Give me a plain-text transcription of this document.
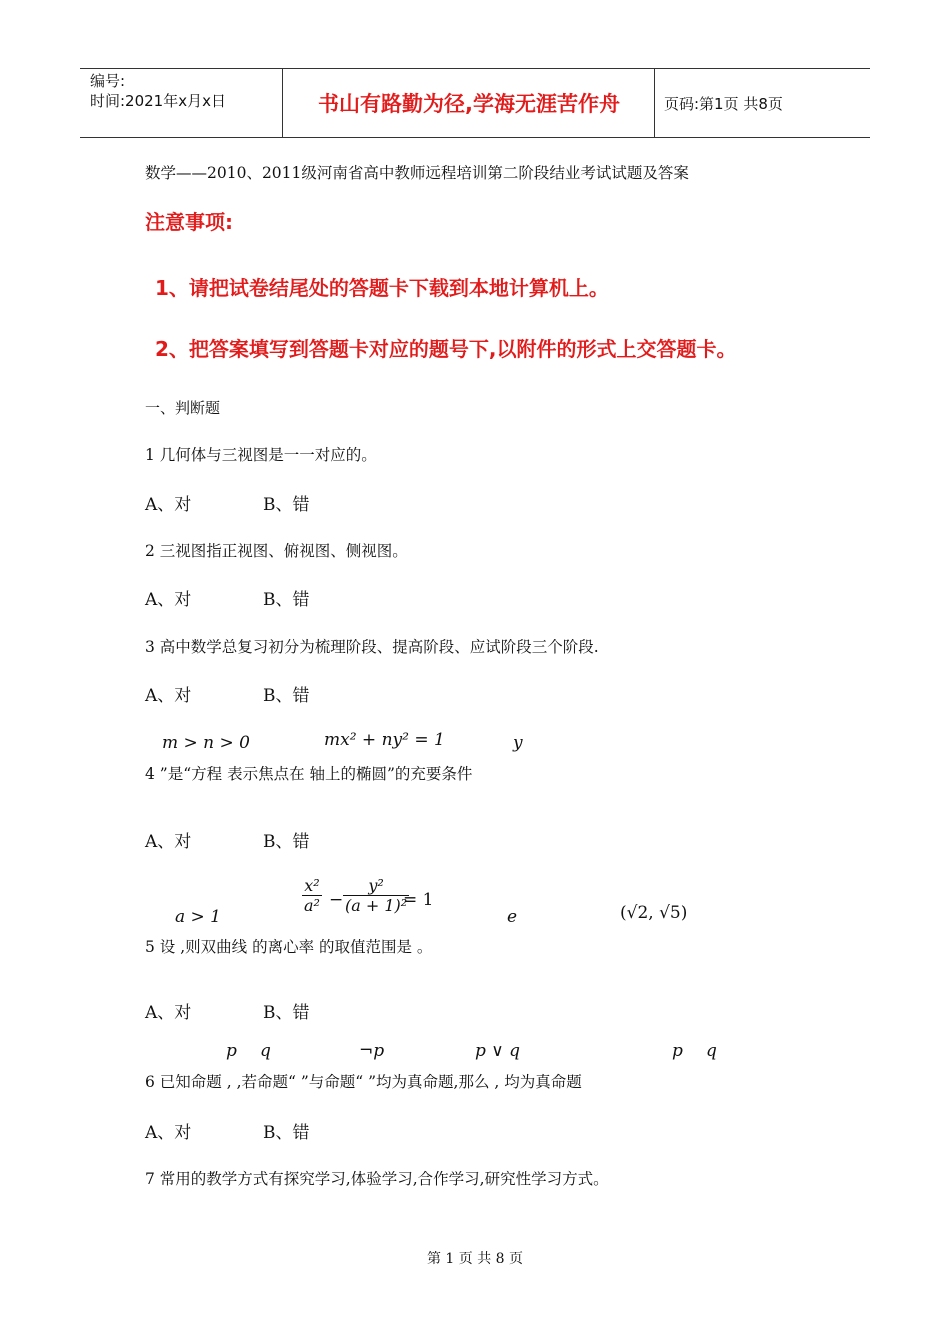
编号:
时间:2021年x月x日	书山有路勤为径,学海无涯苦作舟	页码:第1页 共8页
数学——2010、2011级河南省高中教师远程培训第二阶段结业考试试题及答案
注意事项:
1、请把试卷结尾处的答题卡下载到本地计算机上。
2、把答案填写到答题卡对应的题号下,以附件的形式上交答题卡。
一、判断题
1 几何体与三视图是一一对应的。
A、对	B、错
2 三视图指正视图、俯视图、侧视图。
A、对	B、错
3 高中数学总复习初分为梳理阶段、提高阶段、应试阶段三个阶段.
A、对	B、错
m > n > 0	mx² + ny² = 1	y
4 ”是“方程 表示焦点在 轴上的椭圆”的充要条件
A、对	B、错
a > 1
$\frac{\text{x²}}{\text{a²}} - \frac{\text{y²}}{\text{(a + 1)²}}$
= 1
e	(√2, √5)
5 设 ,则双曲线 的离心率 的取值范围是 。
A、对	B、错
p q	¬p	p ∨ q	p q
6 已知命题 , ,若命题“ ”与命题“ ”均为真命题,那么 , 均为真命题
A、对	B、错
7 常用的教学方式有探究学习,体验学习,合作学习,研究性学习方式。
第 1 页 共 8 页
